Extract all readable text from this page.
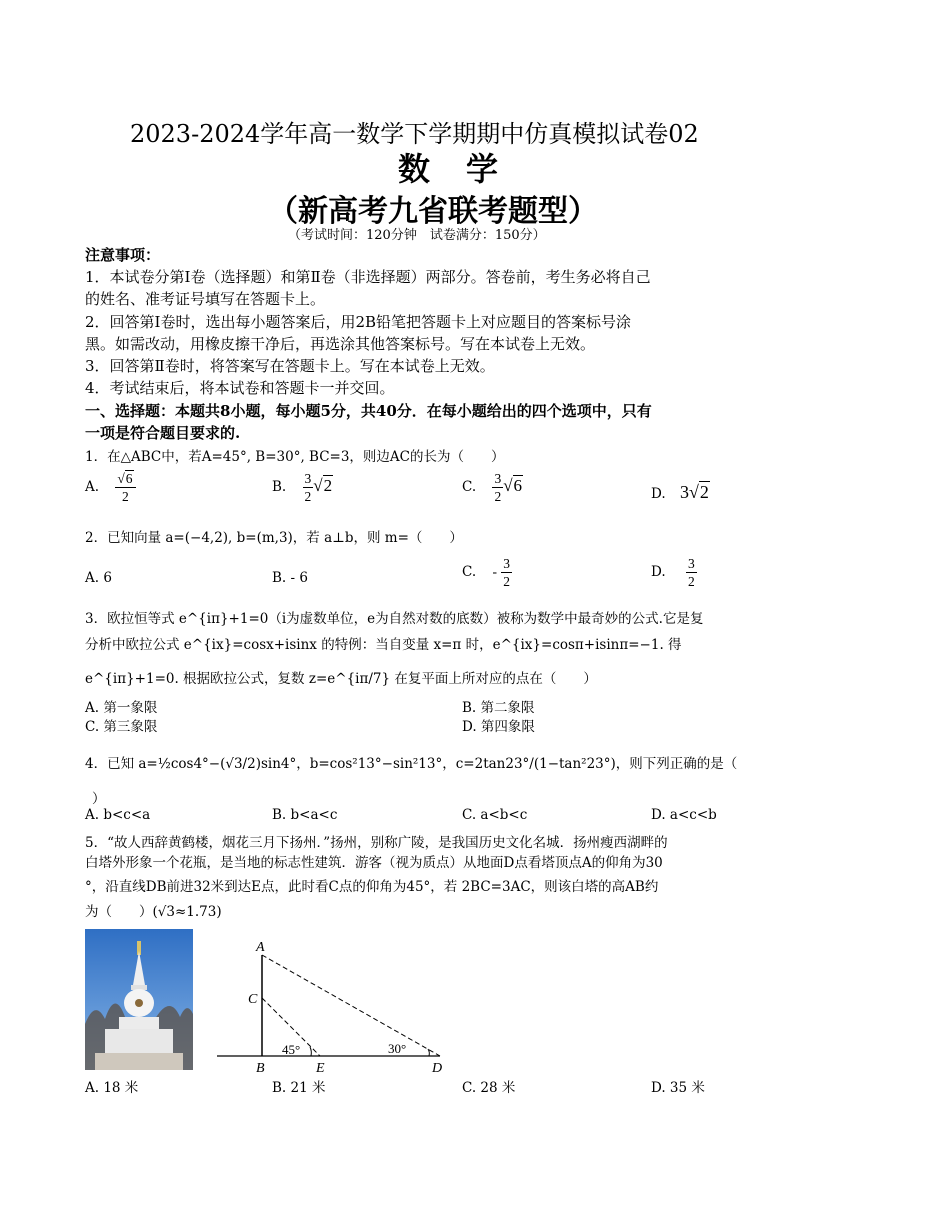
2023-2024学年高一数学下学期期中仿真模拟试卷02
数　学
（新高考九省联考题型）
（考试时间：120分钟　试卷满分：150分）
注意事项：
1．本试卷分第Ⅰ卷（选择题）和第Ⅱ卷（非选择题）两部分。答卷前，考生务必将自己
的姓名、准考证号填写在答题卡上。
2．回答第Ⅰ卷时，选出每小题答案后，用2B铅笔把答题卡上对应题目的答案标号涂
黑。如需改动，用橡皮擦干净后，再选涂其他答案标号。写在本试卷上无效。
3．回答第Ⅱ卷时，将答案写在答题卡上。写在本试卷上无效。
4．考试结束后，将本试卷和答题卡一并交回。
一、选择题：本题共8小题，每小题5分，共40分．在每小题给出的四个选项中，只有
一项是符合题目要求的.
1．在△ABC中，若A=45°, B=30°, BC=3，则边AC的长为（　　）
A. $\frac{√6}{2}$	B. $\frac{3}{2} √2$	C. $\frac{3}{2} √6$	D. 3√2
2．已知向量 a=(−4,2), b=(m,3)，若 a⊥b，则 m=（　　）
A. 6	B. - 6	C. - $\frac{3}{2}$	D. $\frac{3}{2}$
3．欧拉恒等式 e^{iπ}+1=0（i为虚数单位，e为自然对数的底数）被称为数学中最奇妙的公式.它是复
分析中欧拉公式 e^{ix}=cosx+isinx 的特例：当自变量 x=π 时，e^{ix}=cosπ+isinπ=−1. 得
e^{iπ}+1=0. 根据欧拉公式，复数 z=e^{iπ/7} 在复平面上所对应的点在（　　）
A. 第一象限	B. 第二象限
C. 第三象限	D. 第四象限
4．已知 a=½cos4°−(√3/2)sin4°，b=cos²13°−sin²13°，c=2tan23°/(1−tan²23°)，则下列正确的是（
）
A. b<c<a	B. b<a<c	C. a<b<c	D. a<c<b
5．“故人西辞黄鹤楼，烟花三月下扬州．”扬州，别称广陵，是我国历史文化名城．扬州瘦西湖畔的
白塔外形象一个花瓶，是当地的标志性建筑．游客（视为质点）从地面D点看塔顶点A的仰角为30
°，沿直线DB前进32米到达E点，此时看C点的仰角为45°，若 2BC=3AC，则该白塔的高AB约
为（　　）(√3≈1.73)
A
C
B	E	D
45°	30°
A. 18 米	B. 21 米	C. 28 米	D. 35 米
